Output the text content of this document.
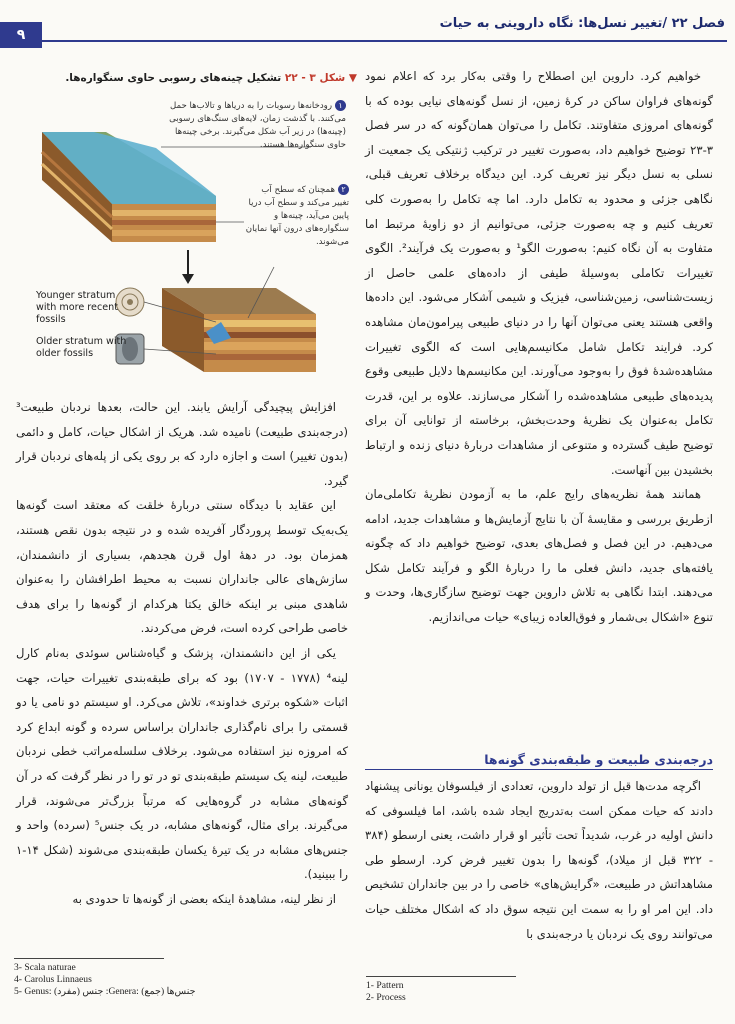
۹
فصل ۲۲ /تغییر نسل‌ها: نگاه داروینی به حیات
▼ شکل ۳ - ۲۲ تشکیل چینه‌های رسوبی حاوی سنگواره‌ها.
۱رودخانه‌ها رسوبات را به دریاها و تالاب‌ها حمل می‌کنند. با گذشت زمان، لایه‌های سنگ‌های رسوبی (چینه‌ها) در زیر آب شکل می‌گیرند. برخی چینه‌ها حاوی سنگواره‌ها هستند.
۲همچنان که سطح آب تغییر می‌کند و سطح آب دریا پایین می‌آید، چینه‌ها و سنگواره‌های درون آنها نمایان می‌شوند.
Younger stratum with more recent fossils
Older stratum with older fossils

خواهیم کرد. داروین این اصطلاح را وقتی به‌کار برد که اعلام نمود گونه‌های فراوان ساکن در کرهٔ زمین، از نسل گونه‌های نیایی بوده که با گونه‌های امروزی متفاوتند. تکامل را می‌توان همان‌گونه که در سر فصل ۳-۲۳ توضیح خواهیم داد، به‌صورت تغییر در ترکیب ژنتیکی یک جمعیت از نسلی به نسل دیگر نیز تعریف کرد. این دیدگاه برخلاف تعریف قبلی، نگاهی جزئی و محدود به تکامل دارد. اما چه تکامل را به‌صورت کلی تعریف کنیم و چه به‌صورت جزئی، می‌توانیم از دو زاویهٔ مرتبط اما متفاوت به آن نگاه کنیم: به‌صورت الگو¹ و به‌صورت یک فرآیند². الگوی تغییرات تکاملی به‌وسیلهٔ طیفی از داده‌های علمی حاصل از زیست‌شناسی، زمین‌شناسی، فیزیک و شیمی آشکار می‌شود. این داده‌ها واقعی هستند یعنی می‌توان آنها را در دنیای طبیعی پیرامون‌مان مشاهده کرد. فرایند تکامل شامل مکانیسم‌هایی است که الگوی تغییرات مشاهده‌شدهٔ فوق را به‌وجود می‌آورند. این مکانیسم‌ها دلایل طبیعی وقوع پدیده‌های طبیعی مشاهده‌شده را آشکار می‌سازند. علاوه بر این، قدرت تکامل به‌عنوان یک نظریهٔ وحدت‌بخش، برخاسته از توانایی آن برای توضیح طیف گسترده و متنوعی از مشاهدات دربارهٔ دنیای زنده و ارتباط بخشیدن بین آنهاست.

همانند همهٔ نظریه‌های رایج علم، ما به آزمودن نظریهٔ تکاملی‌مان ازطریق بررسی و مقایسهٔ آن با نتایج آزمایش‌ها و مشاهدات جدید، ادامه می‌دهیم. در این فصل و فصل‌های بعدی، توضیح خواهیم داد که چگونه یافته‌های جدید، دانش فعلی ما را دربارهٔ الگو و فرآیند تکامل شکل می‌دهند. ابتدا نگاهی به تلاش داروین جهت توضیح سازگاری‌ها، وحدت و تنوع «اشکال بی‌شمار و فوق‌العاده زیبای» حیات می‌اندازیم.

درجه‌بندی طبیعت و طبقه‌بندی گونه‌ها

اگرچه مدت‌ها قبل از تولد داروین، تعدادی از فیلسوفان یونانی پیشنهاد دادند که حیات ممکن است به‌تدریج ایجاد شده باشد، اما فیلسوفی که دانش اولیه در غرب، شدیداً تحت تأثیر او قرار داشت، یعنی ارسطو (۳۸۴ - ۳۲۲ قبل از میلاد)، گونه‌ها را بدون تغییر فرض کرد. ارسطو طی مشاهداتش در طبیعت، «گرایش‌های» خاصی را در بین جانداران تشخیص داد. این امر او را به سمت این نتیجه سوق داد که اشکال مختلف حیات می‌توانند روی یک نردبان یا درجه‌بندی با

افزایش پیچیدگی آرایش یابند. این حالت، بعدها نردبان طبیعت³ (درجه‌بندی طبیعت) نامیده شد. هریک از اشکال حیات، کامل و دائمی (بدون تغییر) است و اجازه دارد که بر روی یکی از پله‌های نردبان قرار گیرد.

این عقاید با دیدگاه سنتی دربارهٔ خلقت که معتقد است گونه‌ها یک‌به‌یک توسط پروردگار آفریده شده و در نتیجه بدون نقص هستند، همزمان بود. در دههٔ اول قرن هجدهم، بسیاری از دانشمندان، سازش‌های عالی جانداران نسبت به محیط اطرافشان را به‌عنوان شاهدی مبنی بر اینکه خالق یکتا هرکدام از گونه‌ها را برای هدف خاصی طراحی کرده است، فرض می‌کردند.

یکی از این دانشمندان، پزشک و گیاه‌شناس سوئدی به‌نام کارل لینه⁴ (۱۷۷۸ - ۱۷۰۷) بود که برای طبقه‌بندی تغییرات حیات، جهت اثبات «شکوه برتری خداوند»، تلاش می‌کرد. او سیستم دو نامی یا دو قسمتی را برای نام‌گذاری جانداران براساس سرده و گونه ابداع کرد که امروزه نیز استفاده می‌شود. برخلاف سلسله‌مراتب خطی نردبان طبیعت، لینه یک سیستم طبقه‌بندی تو در تو را در نظر گرفت که در آن گونه‌های مشابه در گروه‌هایی که مرتباً بزرگ‌تر می‌شوند، قرار می‌گیرند. برای مثال، گونه‌های مشابه، در یک جنس⁵ (سرده) واحد و جنس‌های مشابه در یک تیرهٔ یکسان طبقه‌بندی می‌شوند (شکل ۱۴-۱ را ببینید).

از نظر لینه، مشاهدهٔ اینکه بعضی از گونه‌ها تا حدودی به

3- Scala naturae
4- Carolus Linnaeus
5- Genus: جنس (مفرد) :Genera: جنس‌ها (جمع)
1- Pattern
2- Process
